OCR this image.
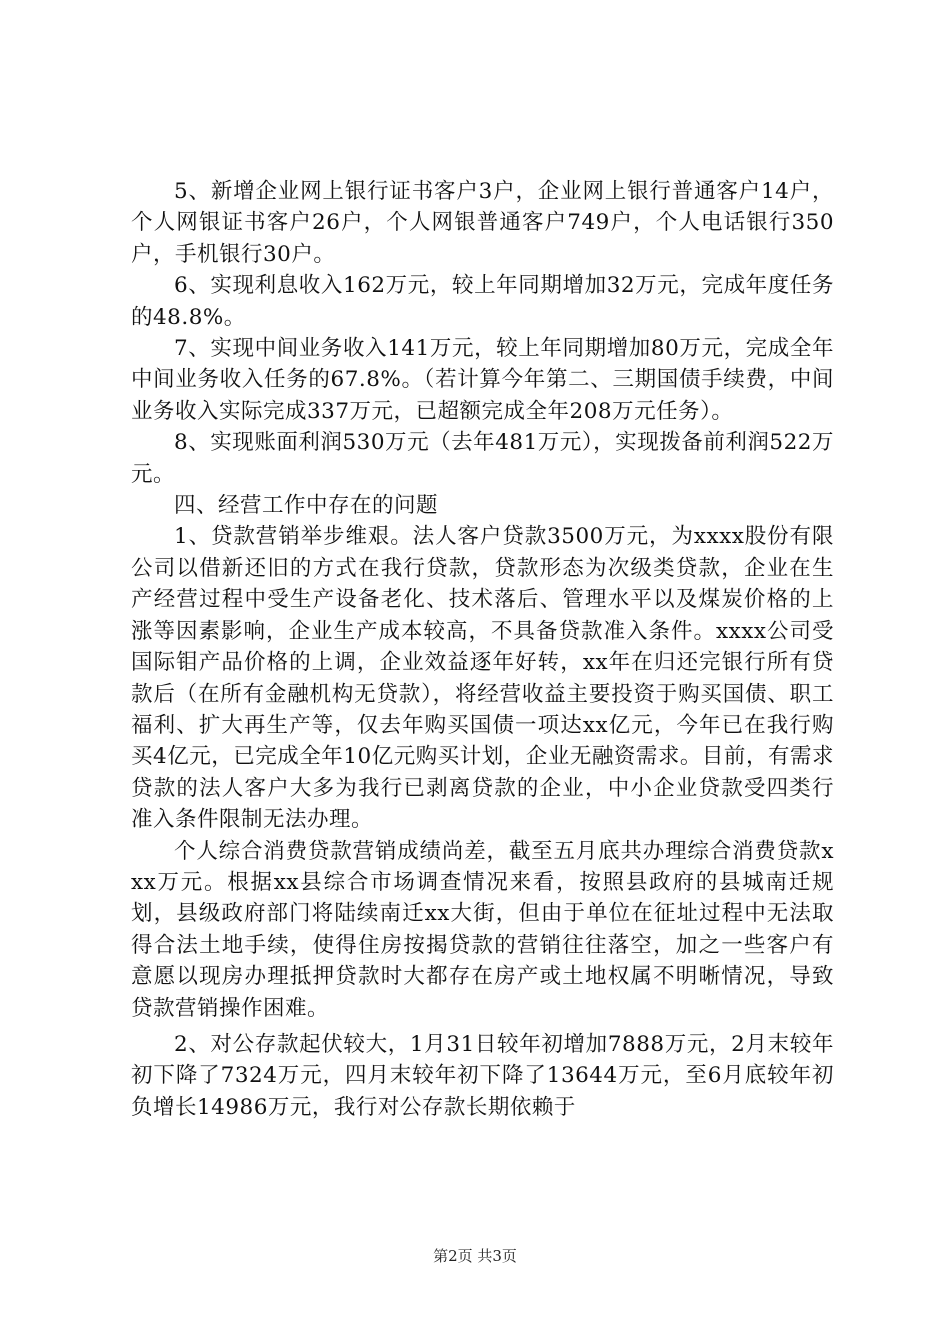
5、新增企业网上银行证书客户3户，企业网上银行普通客户14户，个人网银证书客户26户，个人网银普通客户749户，个人电话银行350户，手机银行30户。

6、实现利息收入162万元，较上年同期增加32万元，完成年度任务的48.8%。

7、实现中间业务收入141万元，较上年同期增加80万元，完成全年中间业务收入任务的67.8%。（若计算今年第二、三期国债手续费，中间业务收入实际完成337万元，已超额完成全年208万元任务）。

8、实现账面利润530万元（去年481万元），实现拨备前利润522万元。

四、经营工作中存在的问题

1、贷款营销举步维艰。法人客户贷款3500万元，为xxxx股份有限公司以借新还旧的方式在我行贷款，贷款形态为次级类贷款，企业在生产经营过程中受生产设备老化、技术落后、管理水平以及煤炭价格的上涨等因素影响，企业生产成本较高，不具备贷款准入条件。xxxx公司受国际钼产品价格的上调，企业效益逐年好转，xx年在归还完银行所有贷款后（在所有金融机构无贷款），将经营收益主要投资于购买国债、职工福利、扩大再生产等，仅去年购买国债一项达xx亿元，今年已在我行购买4亿元，已完成全年10亿元购买计划，企业无融资需求。目前，有需求贷款的法人客户大多为我行已剥离贷款的企业，中小企业贷款受四类行准入条件限制无法办理。

个人综合消费贷款营销成绩尚差，截至五月底共办理综合消费贷款xxx万元。根据xx县综合市场调查情况来看，按照县政府的县城南迁规划，县级政府部门将陆续南迁xx大街，但由于单位在征址过程中无法取得合法土地手续，使得住房按揭贷款的营销往往落空，加之一些客户有意愿以现房办理抵押贷款时大都存在房产或土地权属不明晰情况，导致贷款营销操作困难。

2、对公存款起伏较大，1月31日较年初增加7888万元，2月末较年初下降了7324万元，四月末较年初下降了13644万元，至6月底较年初负增长14986万元，我行对公存款长期依赖于

第2页 共3页
